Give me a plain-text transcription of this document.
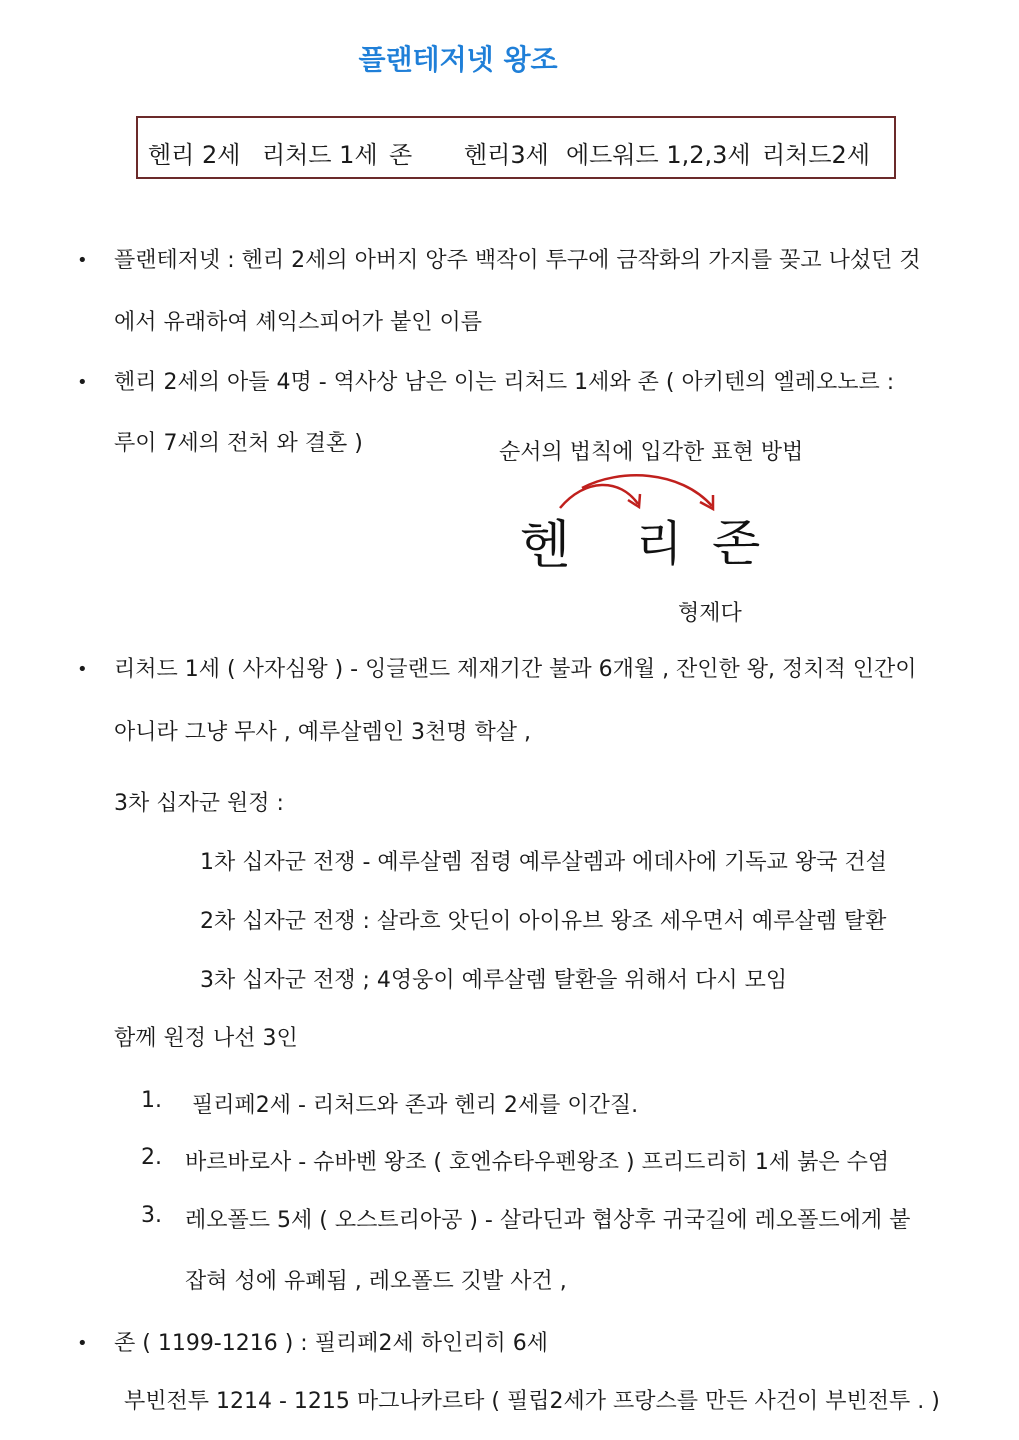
플랜테저넷 왕조
헨리 2세 리처드 1세 존 헨리3세 에드워드 1,2,3세 리처드2세
• 플랜테저넷 : 헨리 2세의 아버지 앙주 백작이 투구에 금작화의 가지를 꽂고 나섰던 것
에서 유래하여 셰익스피어가 붙인 이름
• 헨리 2세의 아들 4명 - 역사상 남은 이는 리처드 1세와 존 ( 아키텐의 엘레오노르 :
루이 7세의 전처 와 결혼 )	순서의 법칙에 입각한 표현 방법
헨 리 존
형제다
• 리처드 1세 ( 사자심왕 ) - 잉글랜드 제재기간 불과 6개월 , 잔인한 왕, 정치적 인간이
아니라 그냥 무사 , 예루살렘인 3천명 학살 ,
3차 십자군 원정 :
1차 십자군 전쟁 - 예루살렘 점령 예루살렘과 에데사에 기독교 왕국 건설
2차 십자군 전쟁 : 살라흐 앗딘이 아이유브 왕조 세우면서 예루살렘 탈환
3차 십자군 전쟁 ; 4영웅이 예루살렘 탈환을 위해서 다시 모임
함께 원정 나선 3인
1. 필리페2세 - 리처드와 존과 헨리 2세를 이간질.
2. 바르바로사 - 슈바벤 왕조 ( 호엔슈타우펜왕조 ) 프리드리히 1세 붉은 수염
3. 레오폴드 5세 ( 오스트리아공 ) - 살라딘과 협상후 귀국길에 레오폴드에게 붙
잡혀 성에 유폐됨 , 레오폴드 깃발 사건 ,
• 존 ( 1199-1216 ) : 필리페2세 하인리히 6세
부빈전투 1214 - 1215 마그나카르타 ( 필립2세가 프랑스를 만든 사건이 부빈전투 . )
